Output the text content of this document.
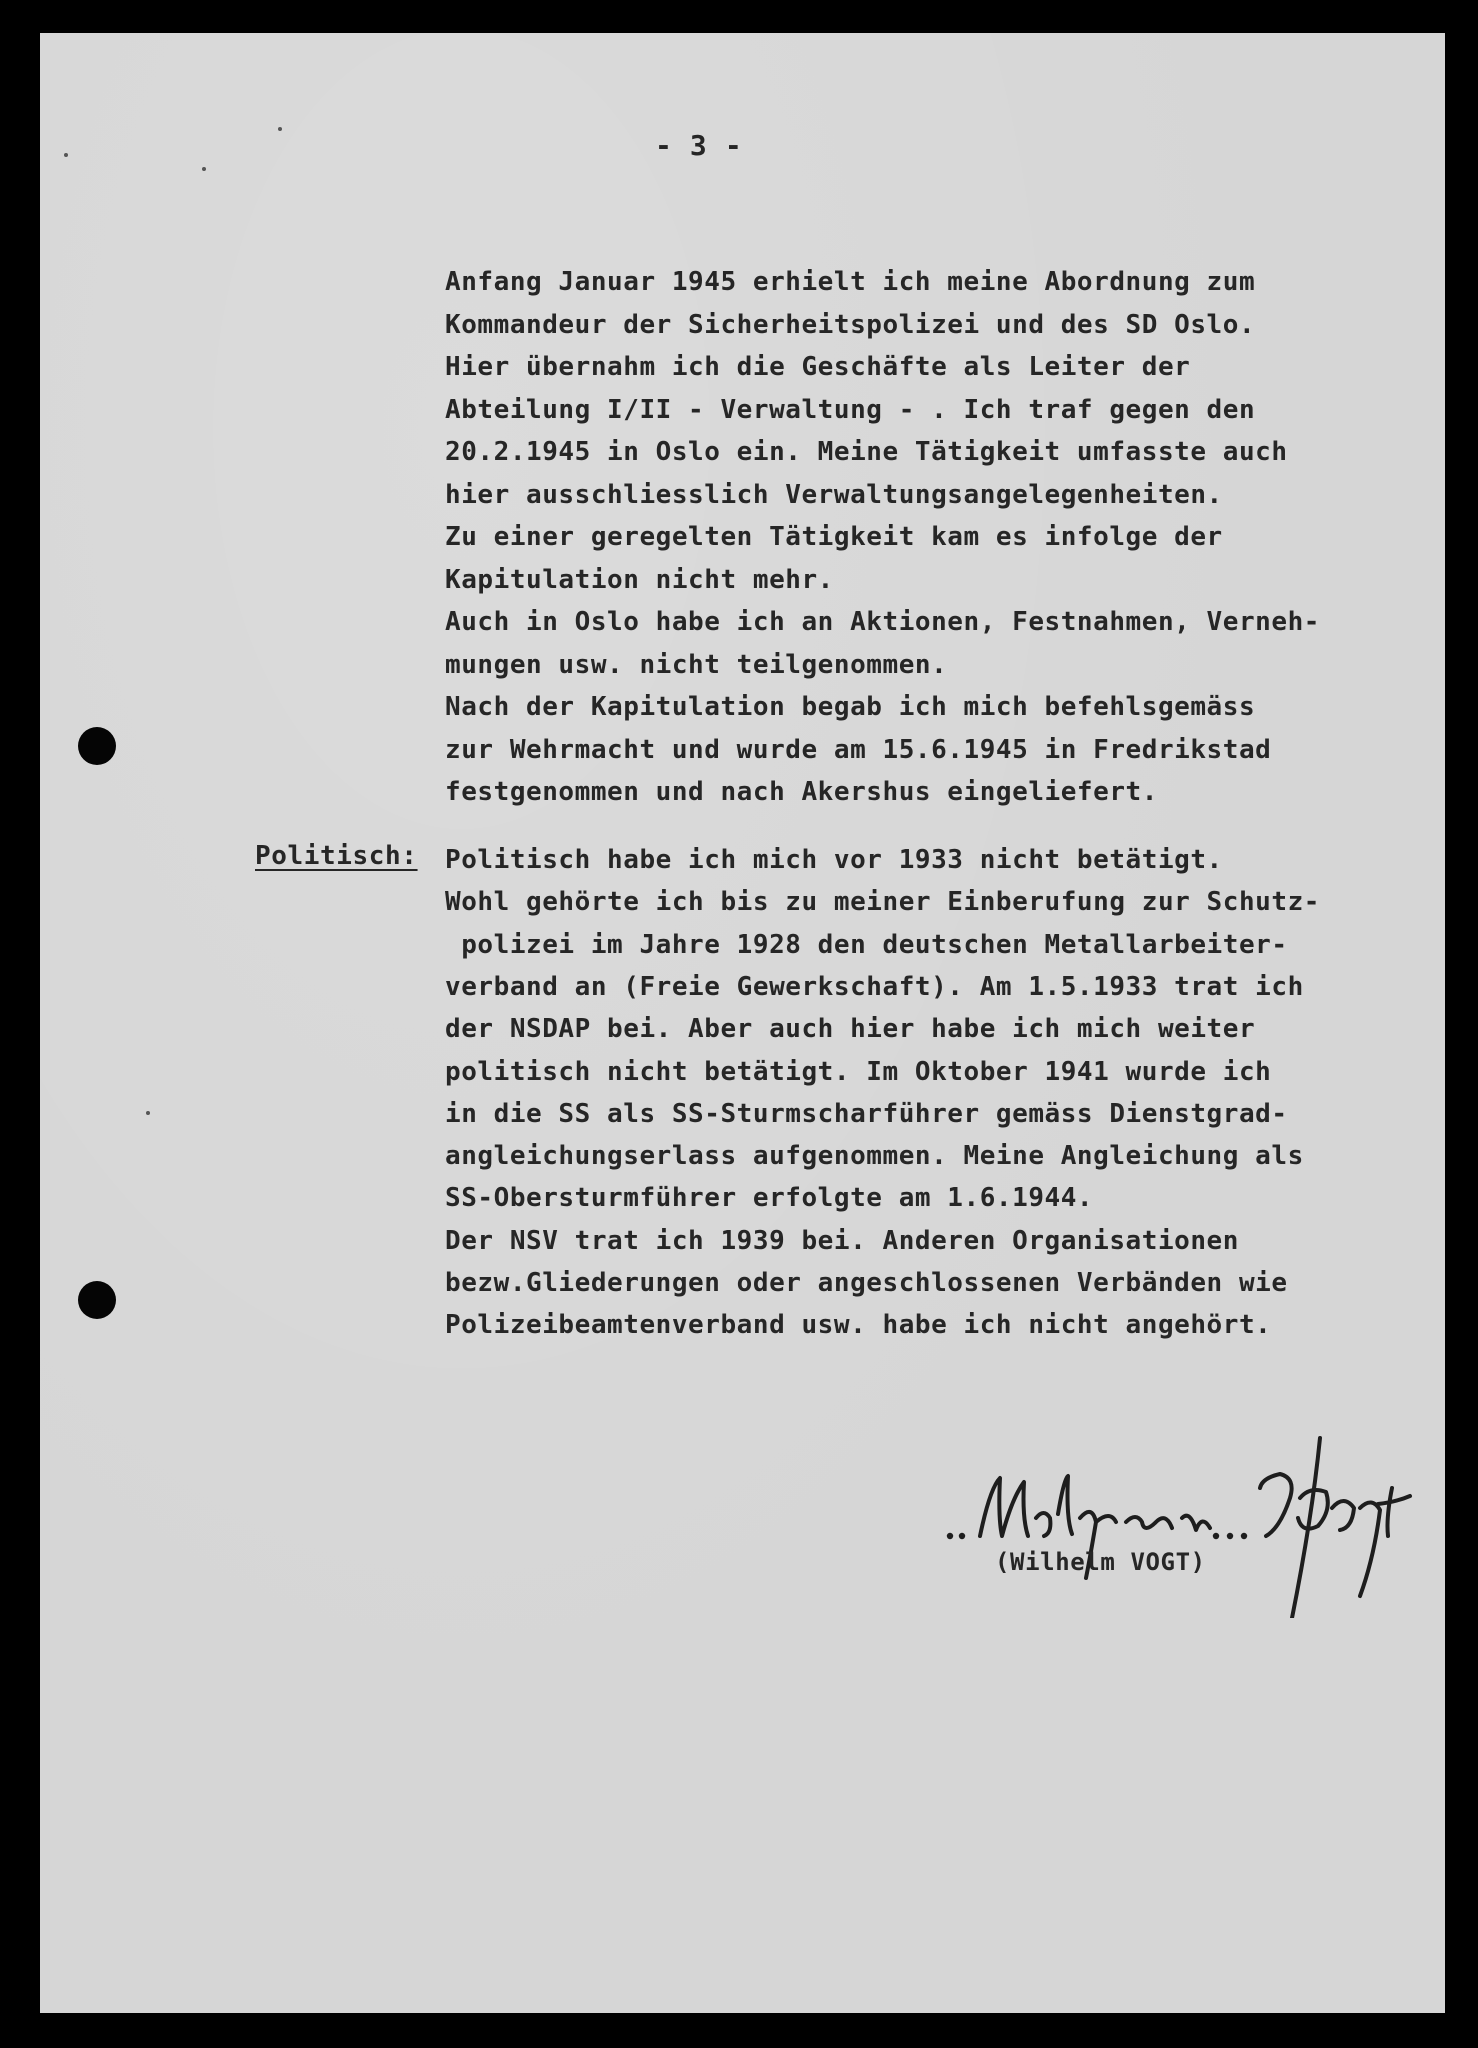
- 3 -
Anfang Januar 1945 erhielt ich meine Abordnung zum
Kommandeur der Sicherheitspolizei und des SD Oslo.
Hier übernahm ich die Geschäfte als Leiter der
Abteilung I/II - Verwaltung - . Ich traf gegen den
20.2.1945 in Oslo ein. Meine Tätigkeit umfasste auch
hier ausschliesslich Verwaltungsangelegenheiten.
Zu einer geregelten Tätigkeit kam es infolge der
Kapitulation nicht mehr.
Auch in Oslo habe ich an Aktionen, Festnahmen, Verneh-
mungen usw. nicht teilgenommen.
Nach der Kapitulation begab ich mich befehlsgemäss
zur Wehrmacht und wurde am 15.6.1945 in Fredrikstad
festgenommen und nach Akershus eingeliefert.
Politisch: Politisch habe ich mich vor 1933 nicht betätigt.
Wohl gehörte ich bis zu meiner Einberufung zur Schutz-
polizei im Jahre 1928 den deutschen Metallarbeiter-
verband an (Freie Gewerkschaft). Am 1.5.1933 trat ich
der NSDAP bei. Aber auch hier habe ich mich weiter
politisch nicht betätigt. Im Oktober 1941 wurde ich
in die SS als SS-Sturmscharführer gemäss Dienstgrad-
angleichungserlass aufgenommen. Meine Angleichung als
SS-Obersturmführer erfolgte am 1.6.1944.
Der NSV trat ich 1939 bei. Anderen Organisationen
bezw.Gliederungen oder angeschlossenen Verbänden wie
Polizeibeamtenverband usw. habe ich nicht angehört.
(Wilhelm VOGT)
